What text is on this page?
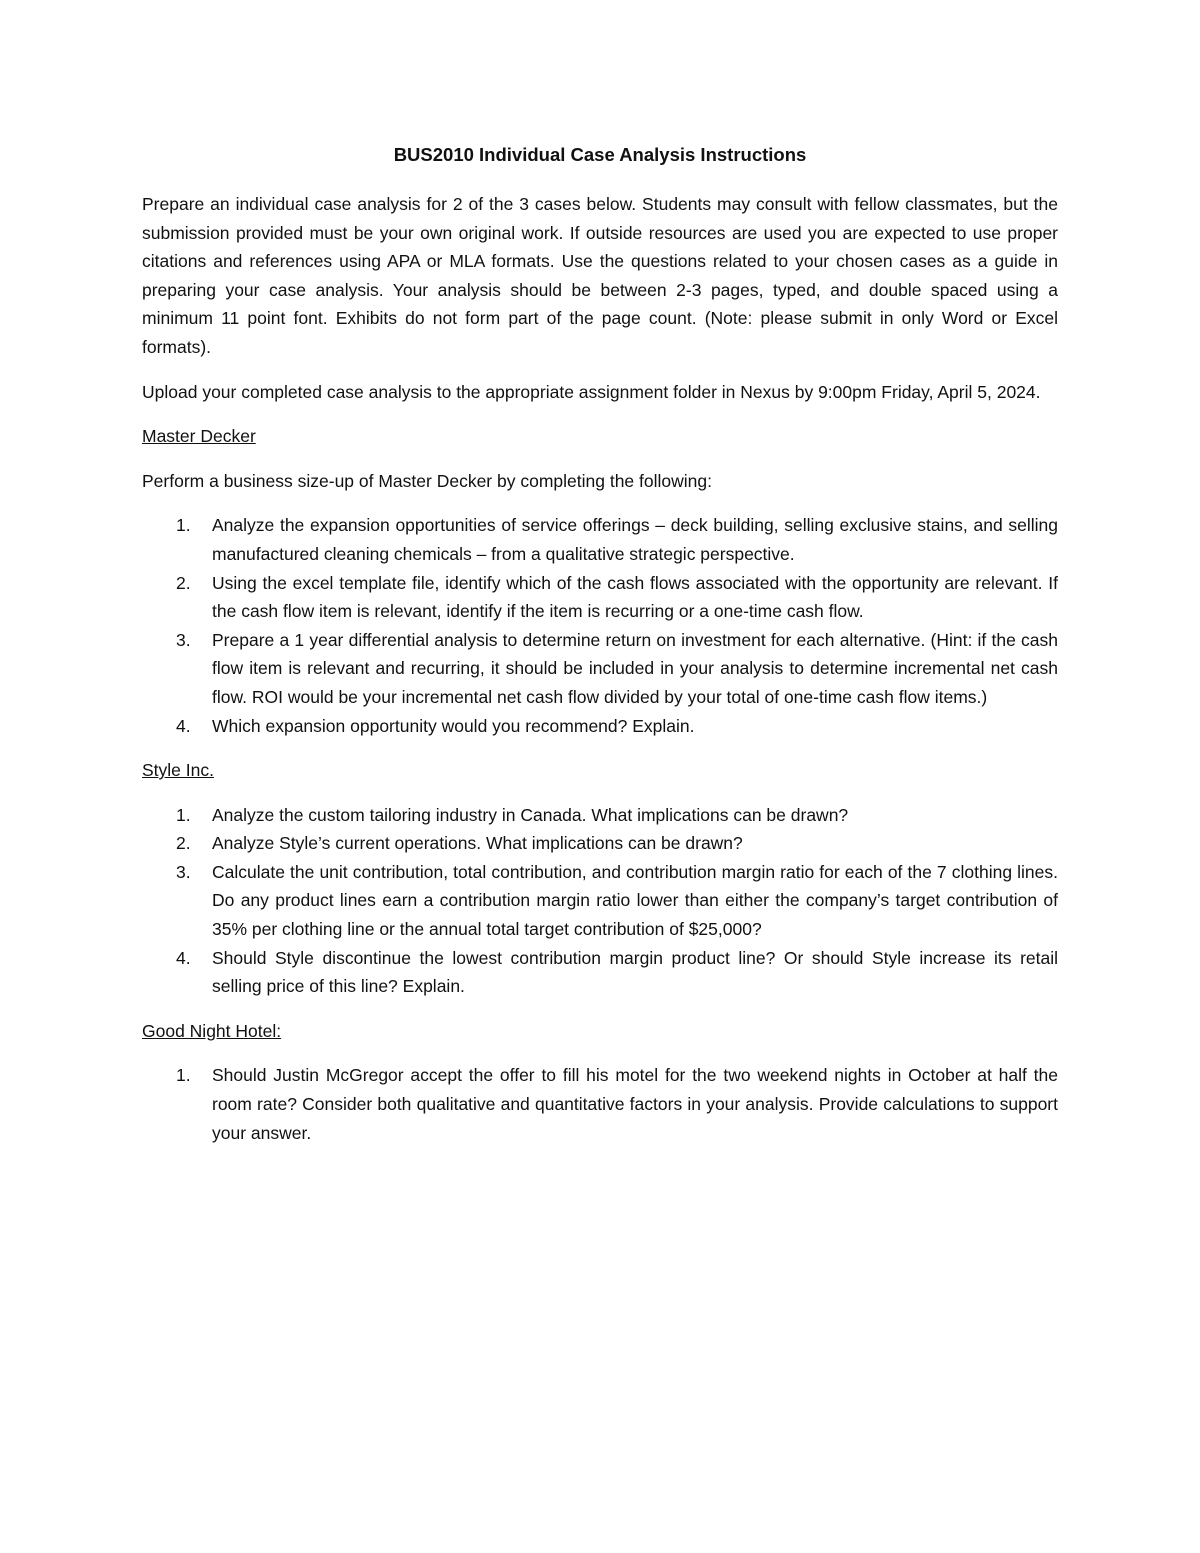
BUS2010 Individual Case Analysis Instructions

Prepare an individual case analysis for 2 of the 3 cases below. Students may consult with fellow classmates, but the submission provided must be your own original work. If outside resources are used you are expected to use proper citations and references using APA or MLA formats. Use the questions related to your chosen cases as a guide in preparing your case analysis. Your analysis should be between 2-3 pages, typed, and double spaced using a minimum 11 point font. Exhibits do not form part of the page count. (Note: please submit in only Word or Excel formats).

Upload your completed case analysis to the appropriate assignment folder in Nexus by 9:00pm Friday, April 5, 2024.

Master Decker

Perform a business size-up of Master Decker by completing the following:

1. Analyze the expansion opportunities of service offerings – deck building, selling exclusive stains, and selling manufactured cleaning chemicals – from a qualitative strategic perspective.
2. Using the excel template file, identify which of the cash flows associated with the opportunity are relevant. If the cash flow item is relevant, identify if the item is recurring or a one-time cash flow.
3. Prepare a 1 year differential analysis to determine return on investment for each alternative. (Hint: if the cash flow item is relevant and recurring, it should be included in your analysis to determine incremental net cash flow. ROI would be your incremental net cash flow divided by your total of one-time cash flow items.)
4. Which expansion opportunity would you recommend? Explain.
Style Inc.
1. Analyze the custom tailoring industry in Canada. What implications can be drawn?
2. Analyze Style’s current operations. What implications can be drawn?
3. Calculate the unit contribution, total contribution, and contribution margin ratio for each of the 7 clothing lines. Do any product lines earn a contribution margin ratio lower than either the company’s target contribution of 35% per clothing line or the annual total target contribution of $25,000?
4. Should Style discontinue the lowest contribution margin product line? Or should Style increase its retail selling price of this line? Explain.
Good Night Hotel:
1. Should Justin McGregor accept the offer to fill his motel for the two weekend nights in October at half the room rate? Consider both qualitative and quantitative factors in your analysis. Provide calculations to support your answer.
